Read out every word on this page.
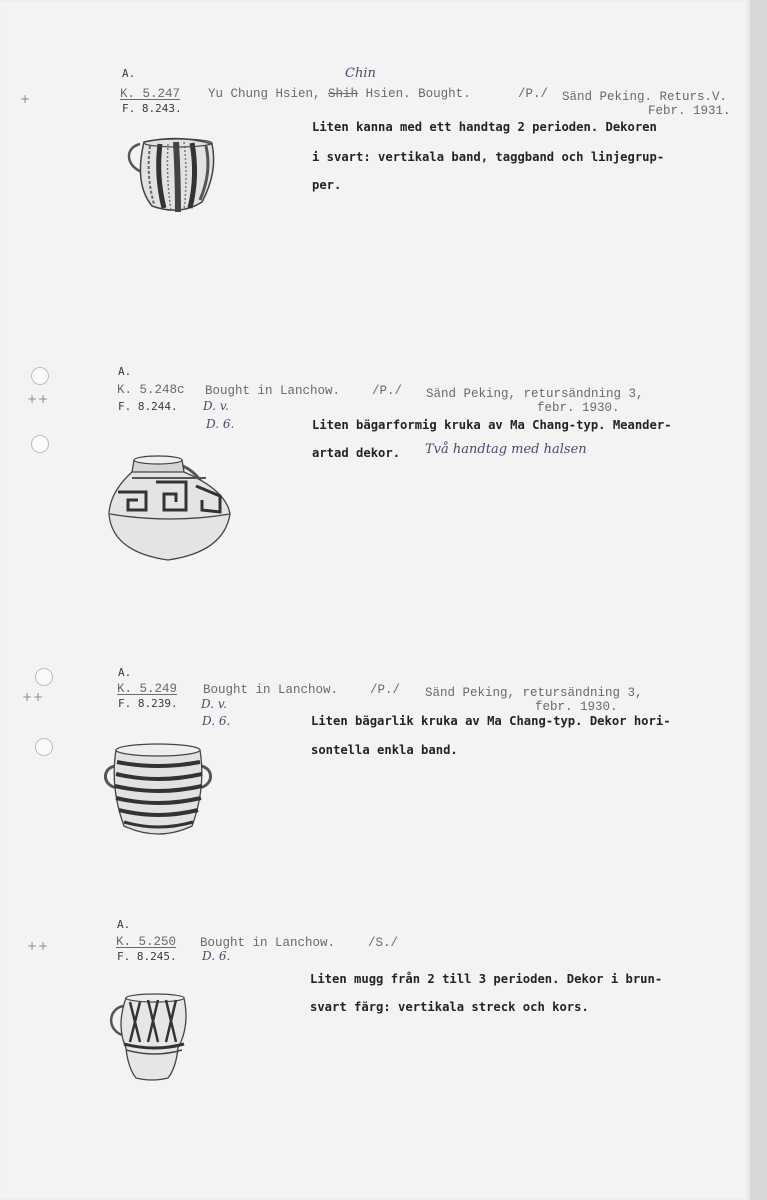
+
++
++
++
A.	Chin
K. 5.247 Yu Chung Hsien, Shih Hsien. Bought.	/P./ Sänd Peking. Returs.V.
Febr. 1931.
F. 8.243.
Liten kanna med ett handtag 2 perioden. Dekoren
i svart: vertikala band, taggband och linjegrup-
per.
A.
K. 5.248c Bought in Lanchow.	/P./ Sänd Peking, retursändning 3,
febr. 1930.
F. 8.244. D. v.
D. 6.	Liten bägarformig kruka av Ma Chang-typ. Meander-
artad dekor. Två handtag med halsen
A.
K. 5.249 Bought in Lanchow.	/P./ Sänd Peking, retursändning 3,
febr. 1930.
F. 8.239. D. v.
D. 6.	Liten bägarlik kruka av Ma Chang-typ. Dekor hori-
sontella enkla band.
A.
K. 5.250 Bought in Lanchow.	/S./
F. 8.245. D. 6.
Liten mugg från 2 till 3 perioden. Dekor i brun-
svart färg: vertikala streck och kors.
